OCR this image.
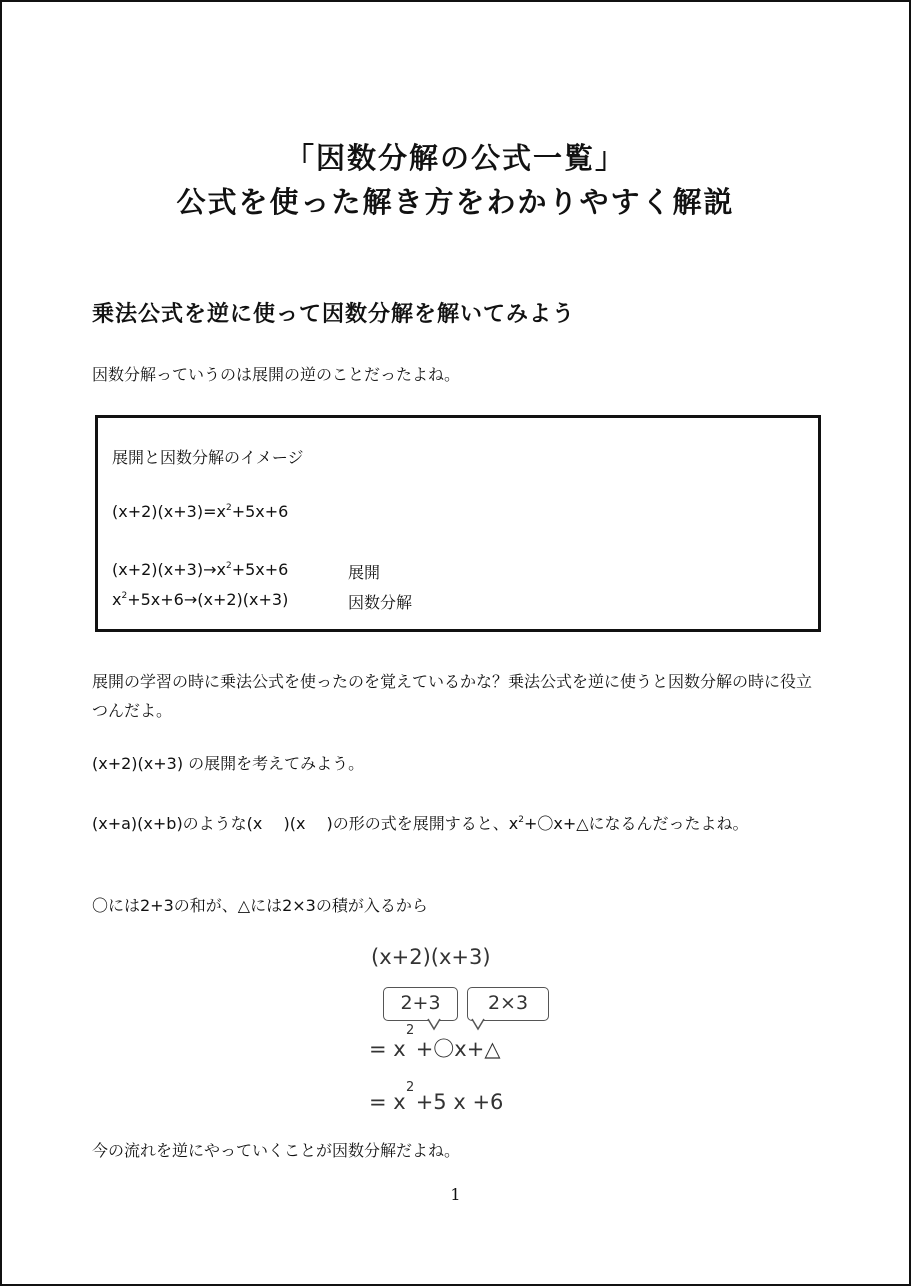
「因数分解の公式一覧」
公式を使った解き方をわかりやすく解説
乗法公式を逆に使って因数分解を解いてみよう
因数分解っていうのは展開の逆のことだったよね。
展開と因数分解のイメージ
$(x+2)(x+3)=x^2+5x+6$
$(x+2)(x+3)\to x^2+5x+6$	展開
$x^2+5x+6\to(x+2)(x+3)$	因数分解
展開の学習の時に乗法公式を使ったのを覚えているかな？乗法公式を逆に使うと因数分解の時に役立つんだよ。
(x+2)(x+3) の展開を考えてみよう。
(x+a)(x+b)のような(x　 )(x　 )の形の式を展開すると、$x^2+$〇x+△になるんだったよね。
〇には2+3の和が、△には2×3の積が入るから
(x+2)(x+3)
2+3	2×3
= x +〇x+△
2
= x +5 x +6
2
今の流れを逆にやっていくことが因数分解だよね。
1
